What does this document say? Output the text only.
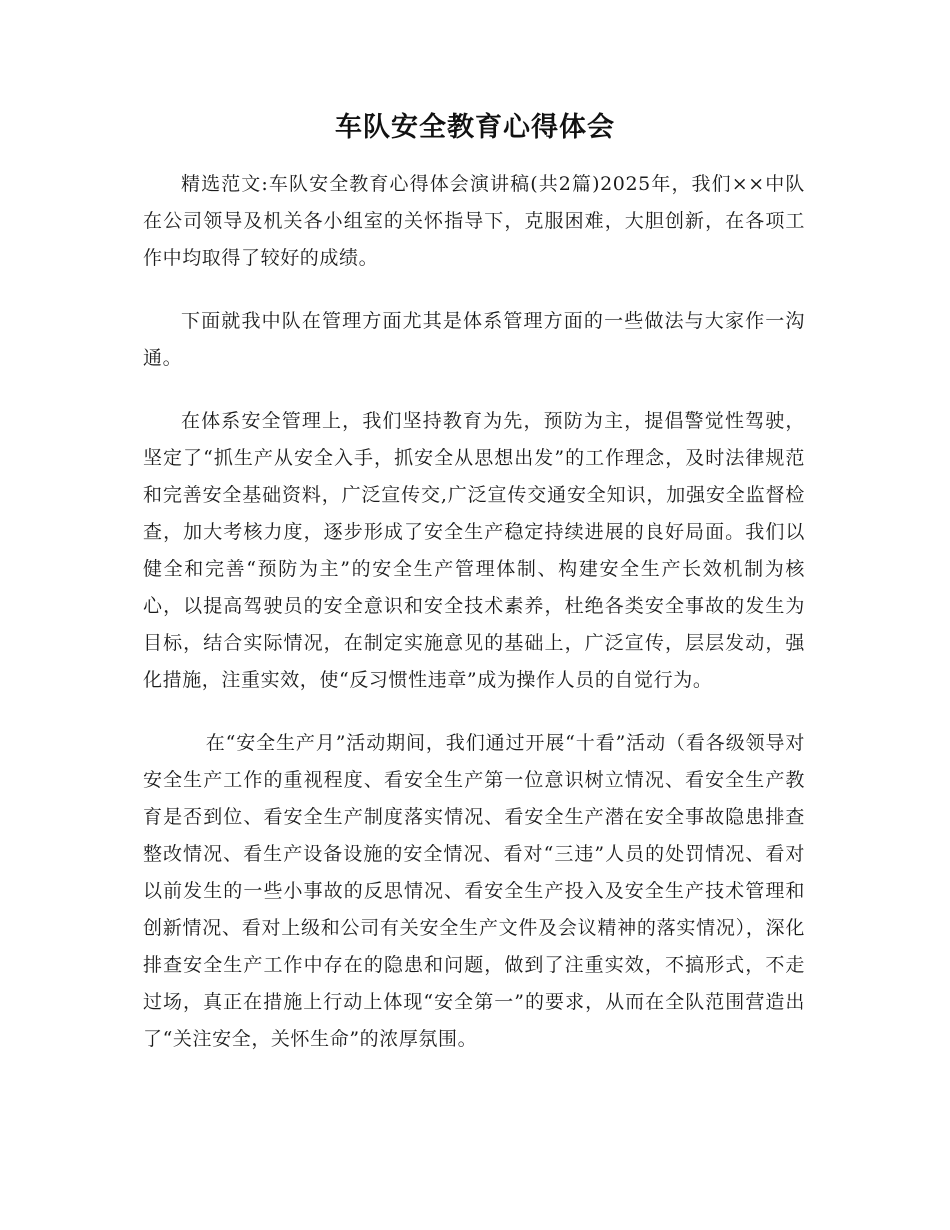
车队安全教育心得体会

精选范文:车队安全教育心得体会演讲稿(共2篇)2025年，我们××中队在公司领导及机关各小组室的关怀指导下，克服困难，大胆创新，在各项工作中均取得了较好的成绩。

下面就我中队在管理方面尤其是体系管理方面的一些做法与大家作一沟通。

在体系安全管理上，我们坚持教育为先，预防为主，提倡警觉性驾驶，坚定了“抓生产从安全入手，抓安全从思想出发”的工作理念，及时法律规范和完善安全基础资料，广泛宣传交,广泛宣传交通安全知识，加强安全监督检查，加大考核力度，逐步形成了安全生产稳定持续进展的良好局面。我们以健全和完善“预防为主”的安全生产管理体制、构建安全生产长效机制为核心，以提高驾驶员的安全意识和安全技术素养，杜绝各类安全事故的发生为目标，结合实际情况，在制定实施意见的基础上，广泛宣传，层层发动，强化措施，注重实效，使“反习惯性违章”成为操作人员的自觉行为。

在“安全生产月”活动期间，我们通过开展“十看”活动（看各级领导对安全生产工作的重视程度、看安全生产第一位意识树立情况、看安全生产教育是否到位、看安全生产制度落实情况、看安全生产潜在安全事故隐患排查整改情况、看生产设备设施的安全情况、看对“三违”人员的处罚情况、看对以前发生的一些小事故的反思情况、看安全生产投入及安全生产技术管理和创新情况、看对上级和公司有关安全生产文件及会议精神的落实情况），深化排查安全生产工作中存在的隐患和问题，做到了注重实效，不搞形式，不走过场，真正在措施上行动上体现“安全第一”的要求，从而在全队范围营造出了“关注安全，关怀生命”的浓厚氛围。
